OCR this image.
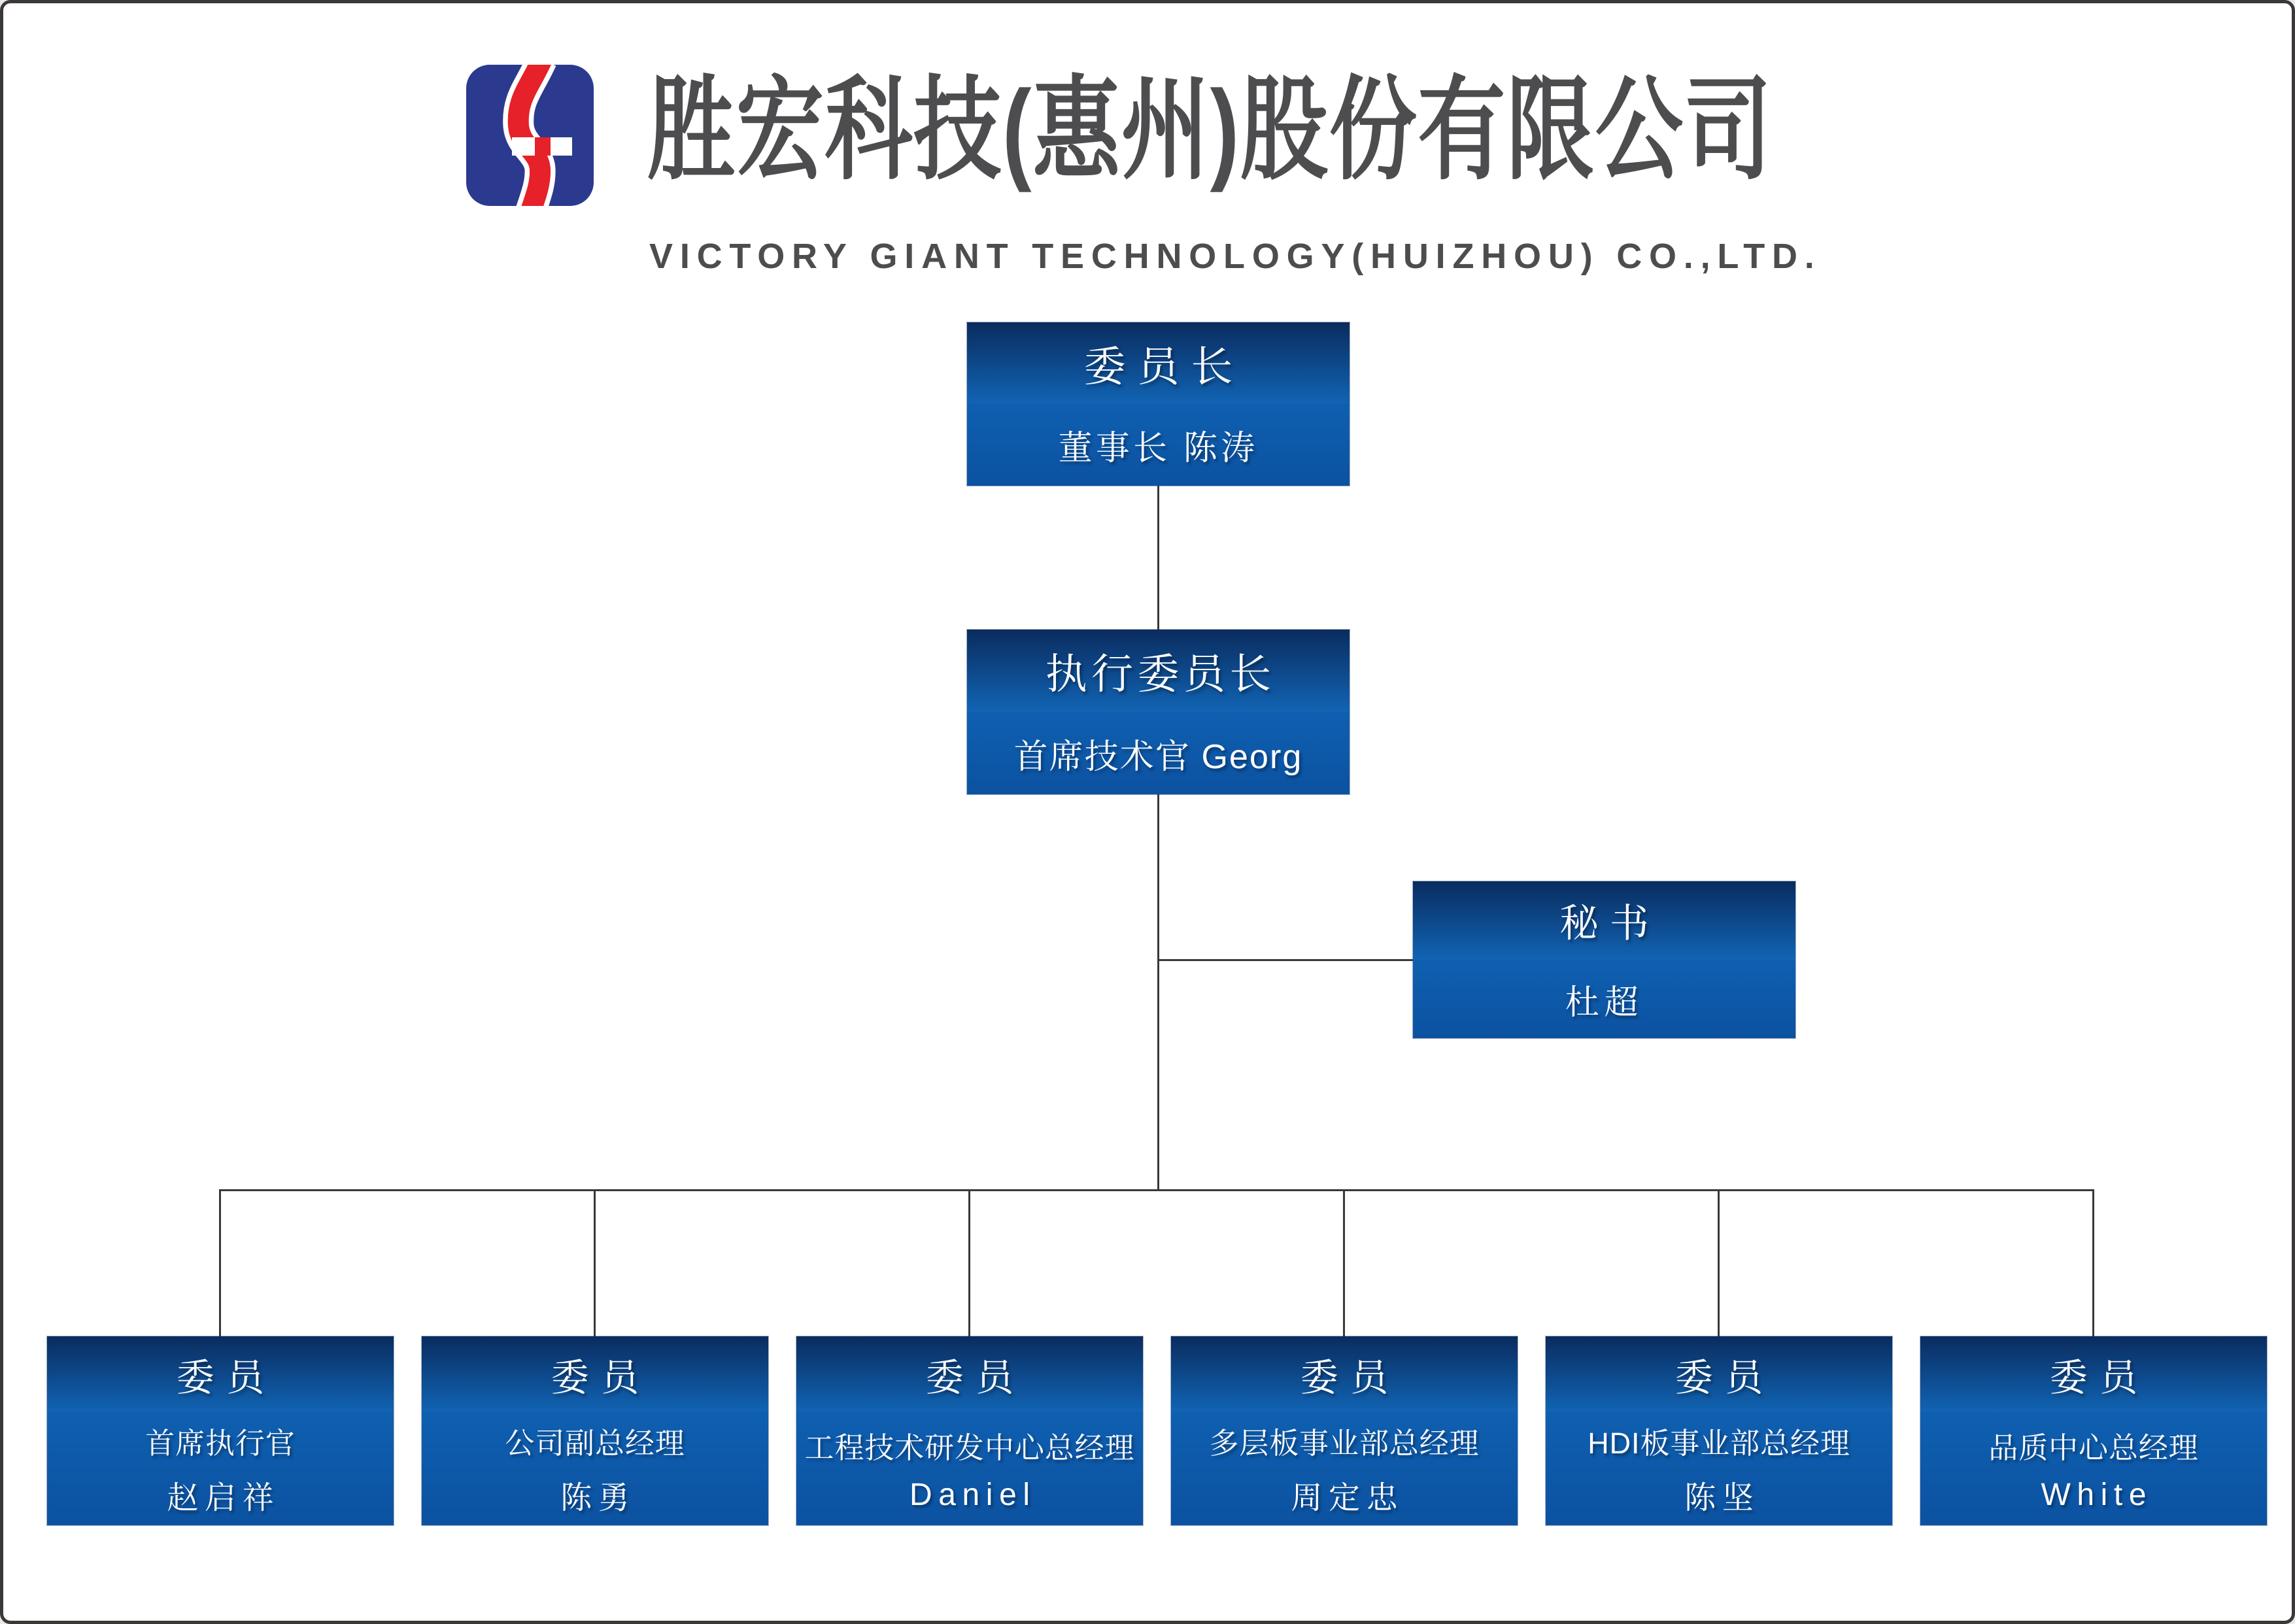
胜宏科技(惠州)股份有限公司
VICTORY GIANT TECHNOLOGY(HUIZHOU) CO.,LTD.
委员长
董事长 陈涛
执行委员长
首席技术官 Georg
秘书
杜超
委员
首席执行官
赵启祥
委员
公司副总经理
陈勇
委员
工程技术研发中心总经理
Daniel
委员
多层板事业部总经理
周定忠
委员
HDI板事业部总经理
陈坚
委员
品质中心总经理
White
